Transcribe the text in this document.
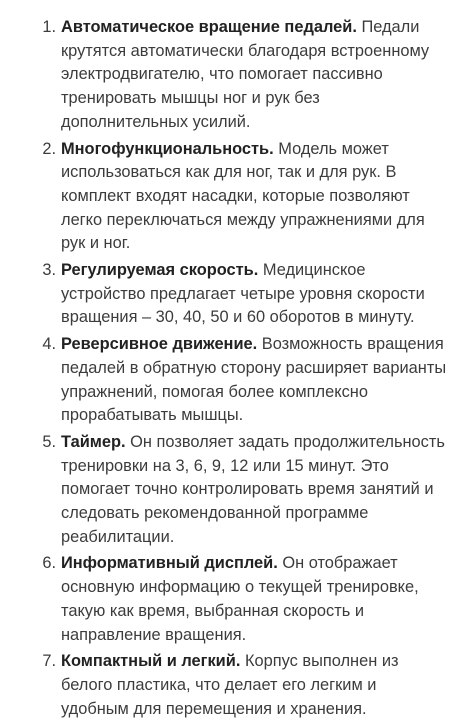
1. Автоматическое вращение педалей. Педали крутятся автоматически благодаря встроенному электродвигателю, что помогает пассивно тренировать мышцы ног и рук без дополнительных усилий.

2. Многофункциональность. Модель может использоваться как для ног, так и для рук. В комплект входят насадки, которые позволяют легко переключаться между упражнениями для рук и ног.

3. Регулируемая скорость. Медицинское устройство предлагает четыре уровня скорости вращения – 30, 40, 50 и 60 оборотов в минуту.

4. Реверсивное движение. Возможность вращения педалей в обратную сторону расширяет варианты упражнений, помогая более комплексно прорабатывать мышцы.

5. Таймер. Он позволяет задать продолжительность тренировки на 3, 6, 9, 12 или 15 минут. Это помогает точно контролировать время занятий и следовать рекомендованной программе реабилитации.

6. Информативный дисплей. Он отображает основную информацию о текущей тренировке, такую как время, выбранная скорость и направление вращения.

7. Компактный и легкий. Корпус выполнен из белого пластика, что делает его легким и удобным для перемещения и хранения.
